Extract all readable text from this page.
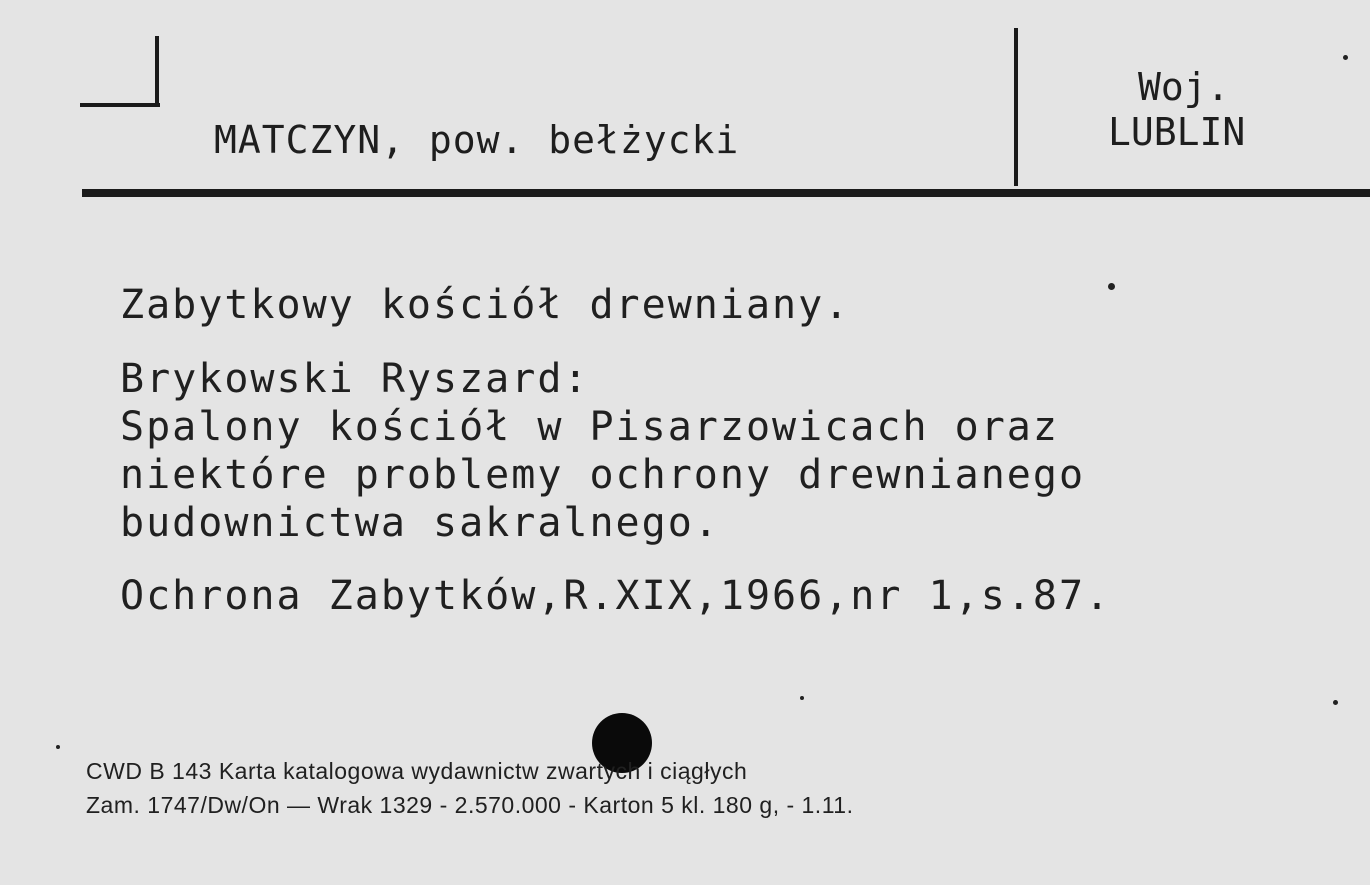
MATCZYN, pow. bełżycki

Woj.

LUBLIN

Zabytkowy kościół drewniany.

Brykowski Ryszard:

Spalony kościół w Pisarzowicach oraz

niektóre problemy ochrony drewnianego

budownictwa sakralnego.

Ochrona Zabytków,R.XIX,1966,nr 1,s.87.

CWD B 143 Karta katalogowa wydawnictw zwartych i ciągłych

Zam. 1747/Dw/On — Wrak 1329 - 2.570.000 - Karton 5 kl. 180 g, - 1.11.
